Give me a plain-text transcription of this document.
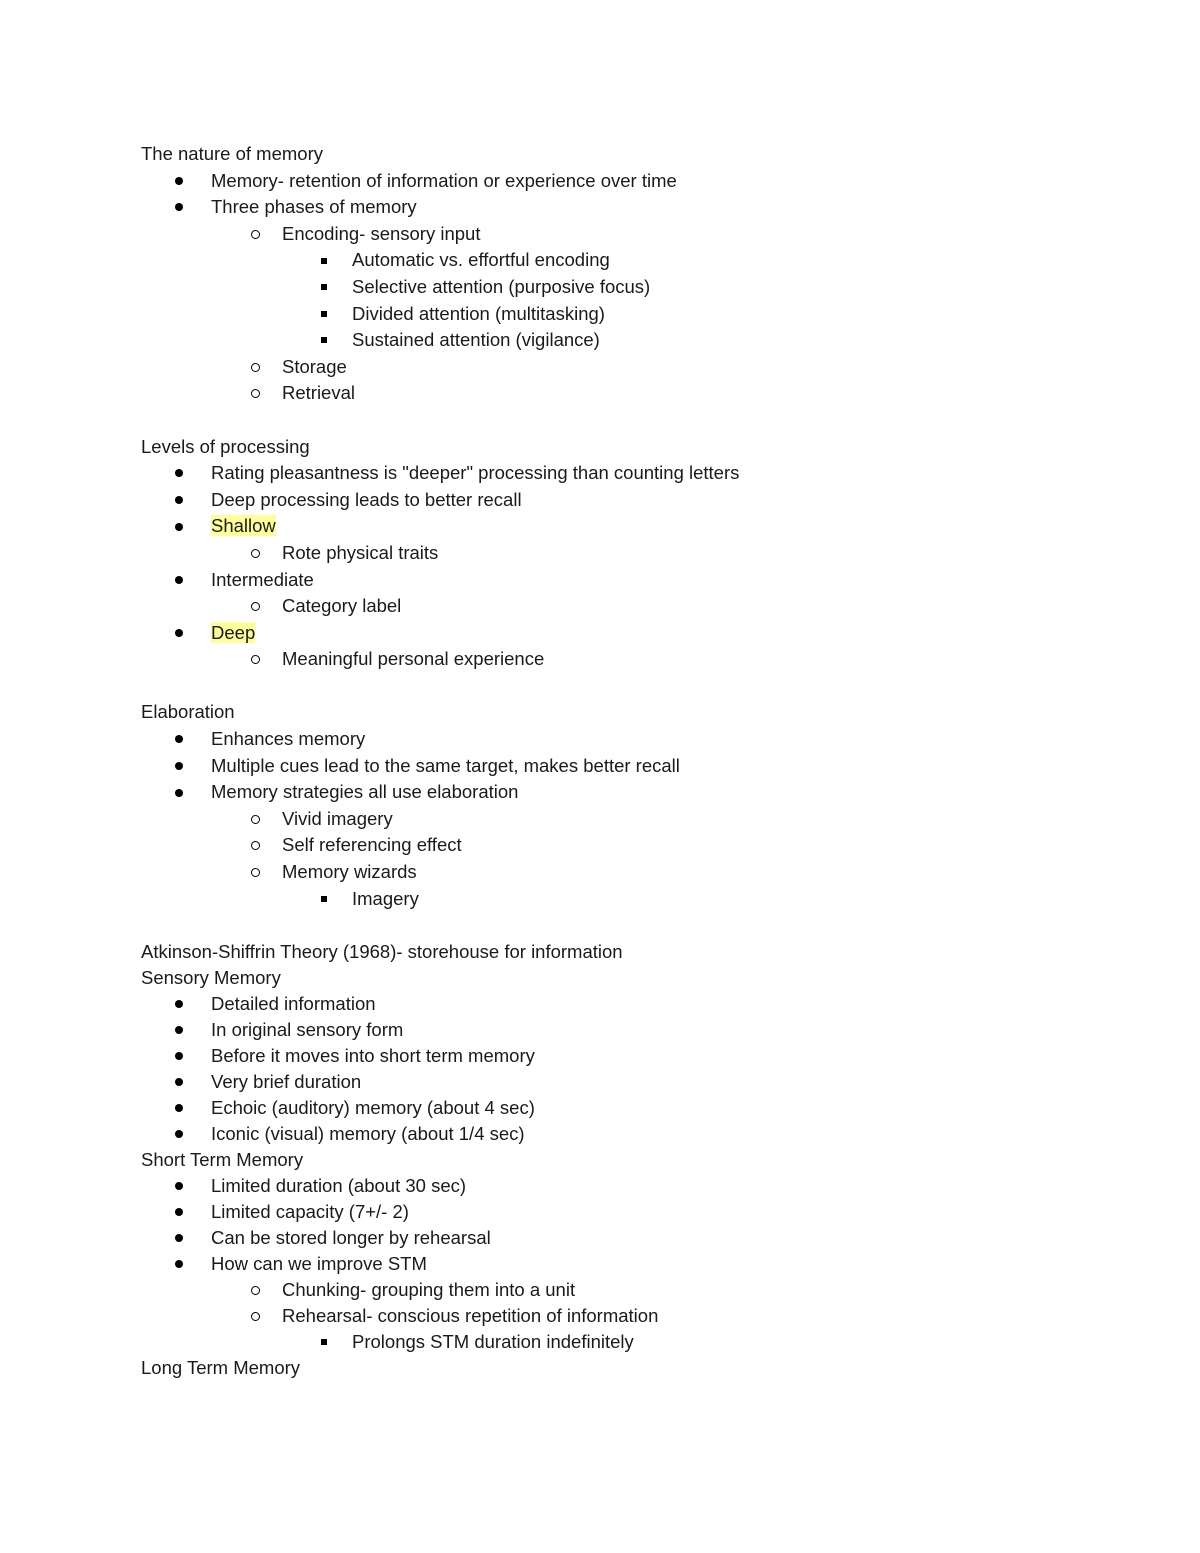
The nature of memory
Memory- retention of information or experience over time
Three phases of memory
Encoding- sensory input
Automatic vs. effortful encoding
Selective attention (purposive focus)
Divided attention (multitasking)
Sustained attention (vigilance)
Storage
Retrieval
Levels of processing
Rating pleasantness is "deeper" processing than counting letters
Deep processing leads to better recall
Shallow
Rote physical traits
Intermediate
Category label
Deep
Meaningful personal experience
Elaboration
Enhances memory
Multiple cues lead to the same target, makes better recall
Memory strategies all use elaboration
Vivid imagery
Self referencing effect
Memory wizards
Imagery
Atkinson-Shiffrin Theory (1968)- storehouse for information
Sensory Memory
Detailed information
In original sensory form
Before it moves into short term memory
Very brief duration
Echoic (auditory) memory (about 4 sec)
Iconic (visual) memory (about 1/4 sec)
Short Term Memory
Limited duration (about 30 sec)
Limited capacity (7+/- 2)
Can be stored longer by rehearsal
How can we improve STM
Chunking- grouping them into a unit
Rehearsal- conscious repetition of information
Prolongs STM duration indefinitely
Long Term Memory
